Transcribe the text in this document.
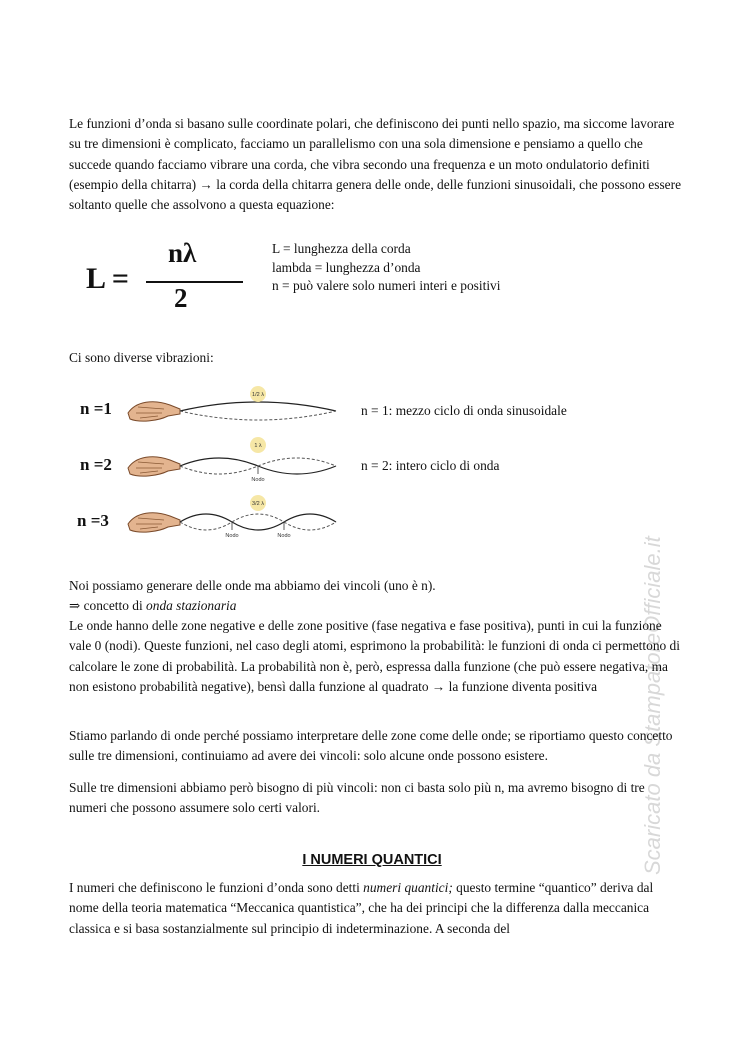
Le funzioni d’onda si basano sulle coordinate polari, che definiscono dei punti nello spazio, ma siccome lavorare su tre dimensioni è complicato, facciamo un parallelismo con una sola dimensione e pensiamo a quello che succede quando facciamo vibrare una corda, che vibra secondo una frequenza e un moto ondulatorio definiti (esempio della chitarra) → la corda della chitarra genera delle onde, delle funzioni sinusoidali, che possono essere soltanto quelle che assolvono a questa equazione:

L =
nλ
2
L = lunghezza della corda
lambda = lunghezza d’onda
n = può valere solo numeri interi e positivi

Ci sono diverse vibrazioni:

n =1
1/2 λ
n = 1: mezzo ciclo di onda sinusoidale
n =2
Nodo
1 λ
n = 2: intero ciclo di onda
n =3
Nodo	Nodo
3/2 λ
Scaricato da StampatoreOfficiale.it

Noi possiamo generare delle onde ma abbiamo dei vincoli (uno è n).

⇒ concetto di onda stazionaria

Le onde hanno delle zone negative e delle zone positive (fase negativa e fase positiva), punti in cui la funzione vale 0 (nodi). Queste funzioni, nel caso degli atomi, esprimono la probabilità: le funzioni di onda ci permettono di calcolare le zone di probabilità. La probabilità non è, però, espressa dalla funzione (che può essere negativa, ma non esistono probabilità negative), bensì dalla funzione al quadrato → la funzione diventa positiva

Stiamo parlando di onde perché possiamo interpretare delle zone come delle onde; se riportiamo questo concetto sulle tre dimensioni, continuiamo ad avere dei vincoli: solo alcune onde possono esistere.

Sulle tre dimensioni abbiamo però bisogno di più vincoli: non ci basta solo più n, ma avremo bisogno di tre numeri che possono assumere solo certi valori.

I NUMERI QUANTICI

I numeri che definiscono le funzioni d’onda sono detti numeri quantici; questo termine “quantico” deriva dal nome della teoria matematica “Meccanica quantistica”, che ha dei principi che la differenza dalla meccanica classica e si basa sostanzialmente sul principio di indeterminazione. A seconda del
